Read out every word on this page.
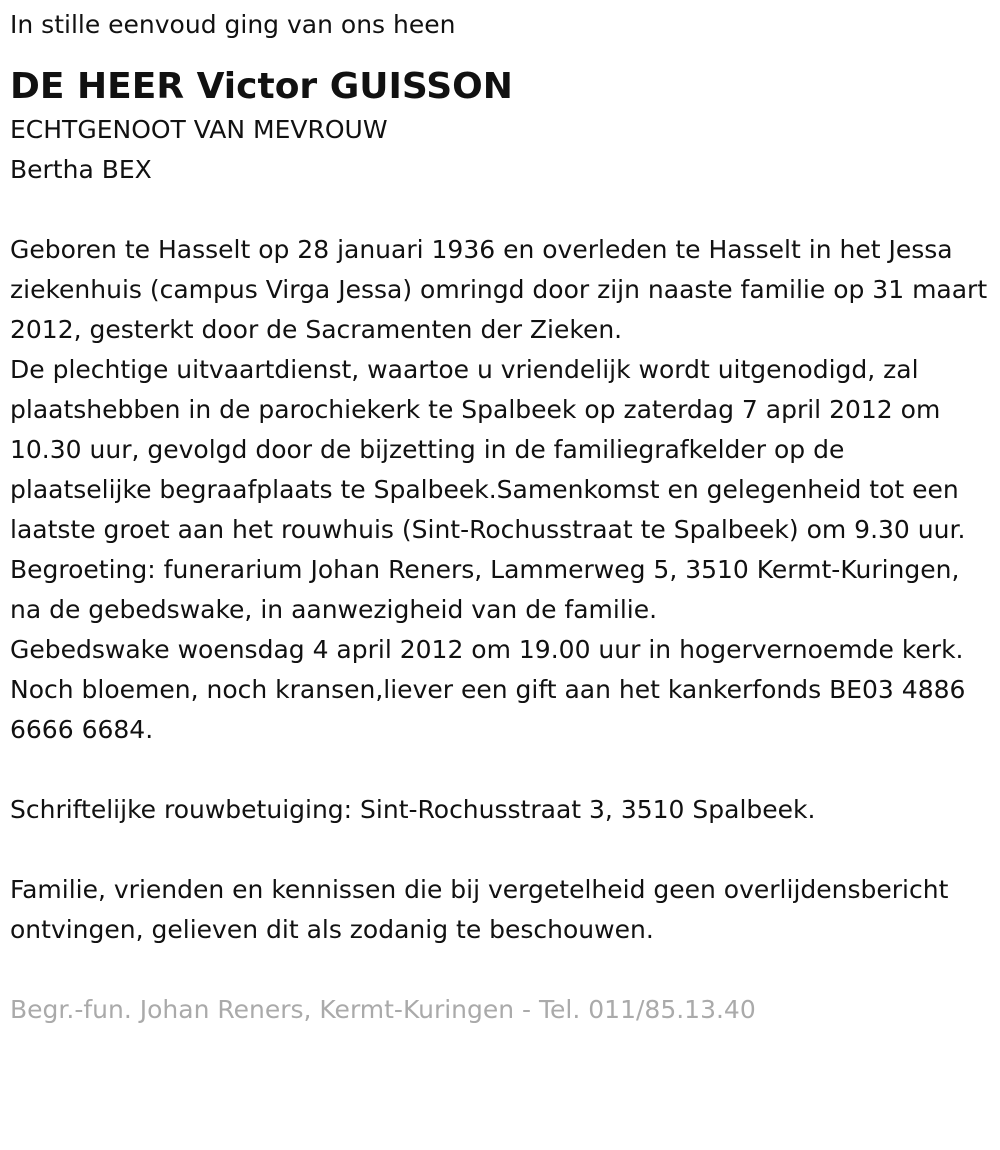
In stille eenvoud ging van ons heen

DE HEER Victor GUISSON

ECHTGENOOT VAN MEVROUW

Bertha BEX

Geboren te Hasselt op 28 januari 1936 en overleden te Hasselt in het Jessa ziekenhuis (campus Virga Jessa) omringd door zijn naaste familie op 31 maart 2012, gesterkt door de Sacramenten der Zieken.

De plechtige uitvaartdienst, waartoe u vriendelijk wordt uitgenodigd, zal plaatshebben in de parochiekerk te Spalbeek op zaterdag 7 april 2012 om 10.30 uur, gevolgd door de bijzetting in de familiegrafkelder op de plaatselijke begraafplaats te Spalbeek.Samenkomst en gelegenheid tot een laatste groet aan het rouwhuis (Sint-Rochusstraat te Spalbeek) om 9.30 uur.

Begroeting: funerarium Johan Reners, Lammerweg 5, 3510 Kermt-Kuringen, na de gebedswake, in aanwezigheid van de familie.

Gebedswake woensdag 4 april 2012 om 19.00 uur in hogervernoemde kerk.

Noch bloemen, noch kransen,liever een gift aan het kankerfonds BE03 4886 6666 6684.

Schriftelijke rouwbetuiging: Sint-Rochusstraat 3, 3510 Spalbeek.

Familie, vrienden en kennissen die bij vergetelheid geen overlijdensbericht ontvingen, gelieven dit als zodanig te beschouwen.

Begr.-fun. Johan Reners, Kermt-Kuringen - Tel. 011/85.13.40
